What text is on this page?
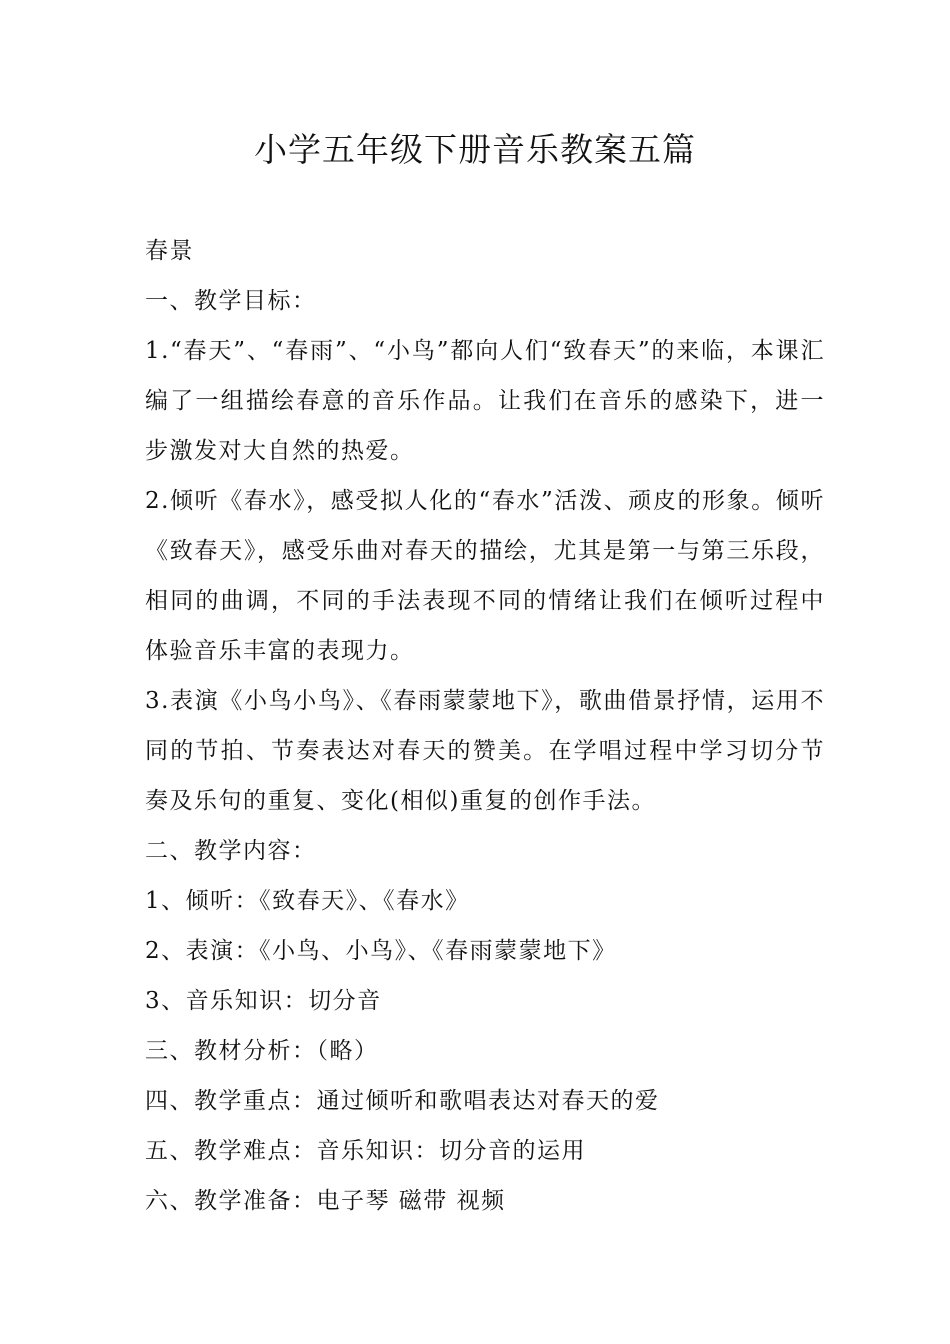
小学五年级下册音乐教案五篇

春景

一、教学目标：

1.“春天”、“春雨”、“小鸟”都向人们“致春天”的来临，本课汇编了一组描绘春意的音乐作品。让我们在音乐的感染下，进一步激发对大自然的热爱。

2.倾听《春水》，感受拟人化的“春水”活泼、顽皮的形象。倾听《致春天》，感受乐曲对春天的描绘，尤其是第一与第三乐段，相同的曲调，不同的手法表现不同的情绪让我们在倾听过程中体验音乐丰富的表现力。

3.表演《小鸟小鸟》、《春雨蒙蒙地下》，歌曲借景抒情，运用不同的节拍、节奏表达对春天的赞美。在学唱过程中学习切分节奏及乐句的重复、变化(相似)重复的创作手法。

二、教学内容：

1、倾听：《致春天》、《春水》

2、表演：《小鸟、小鸟》、《春雨蒙蒙地下》

3、音乐知识：切分音

三、教材分析：（略）

四、教学重点：通过倾听和歌唱表达对春天的爱

五、教学难点：音乐知识：切分音的运用

六、教学准备：电子琴 磁带 视频
